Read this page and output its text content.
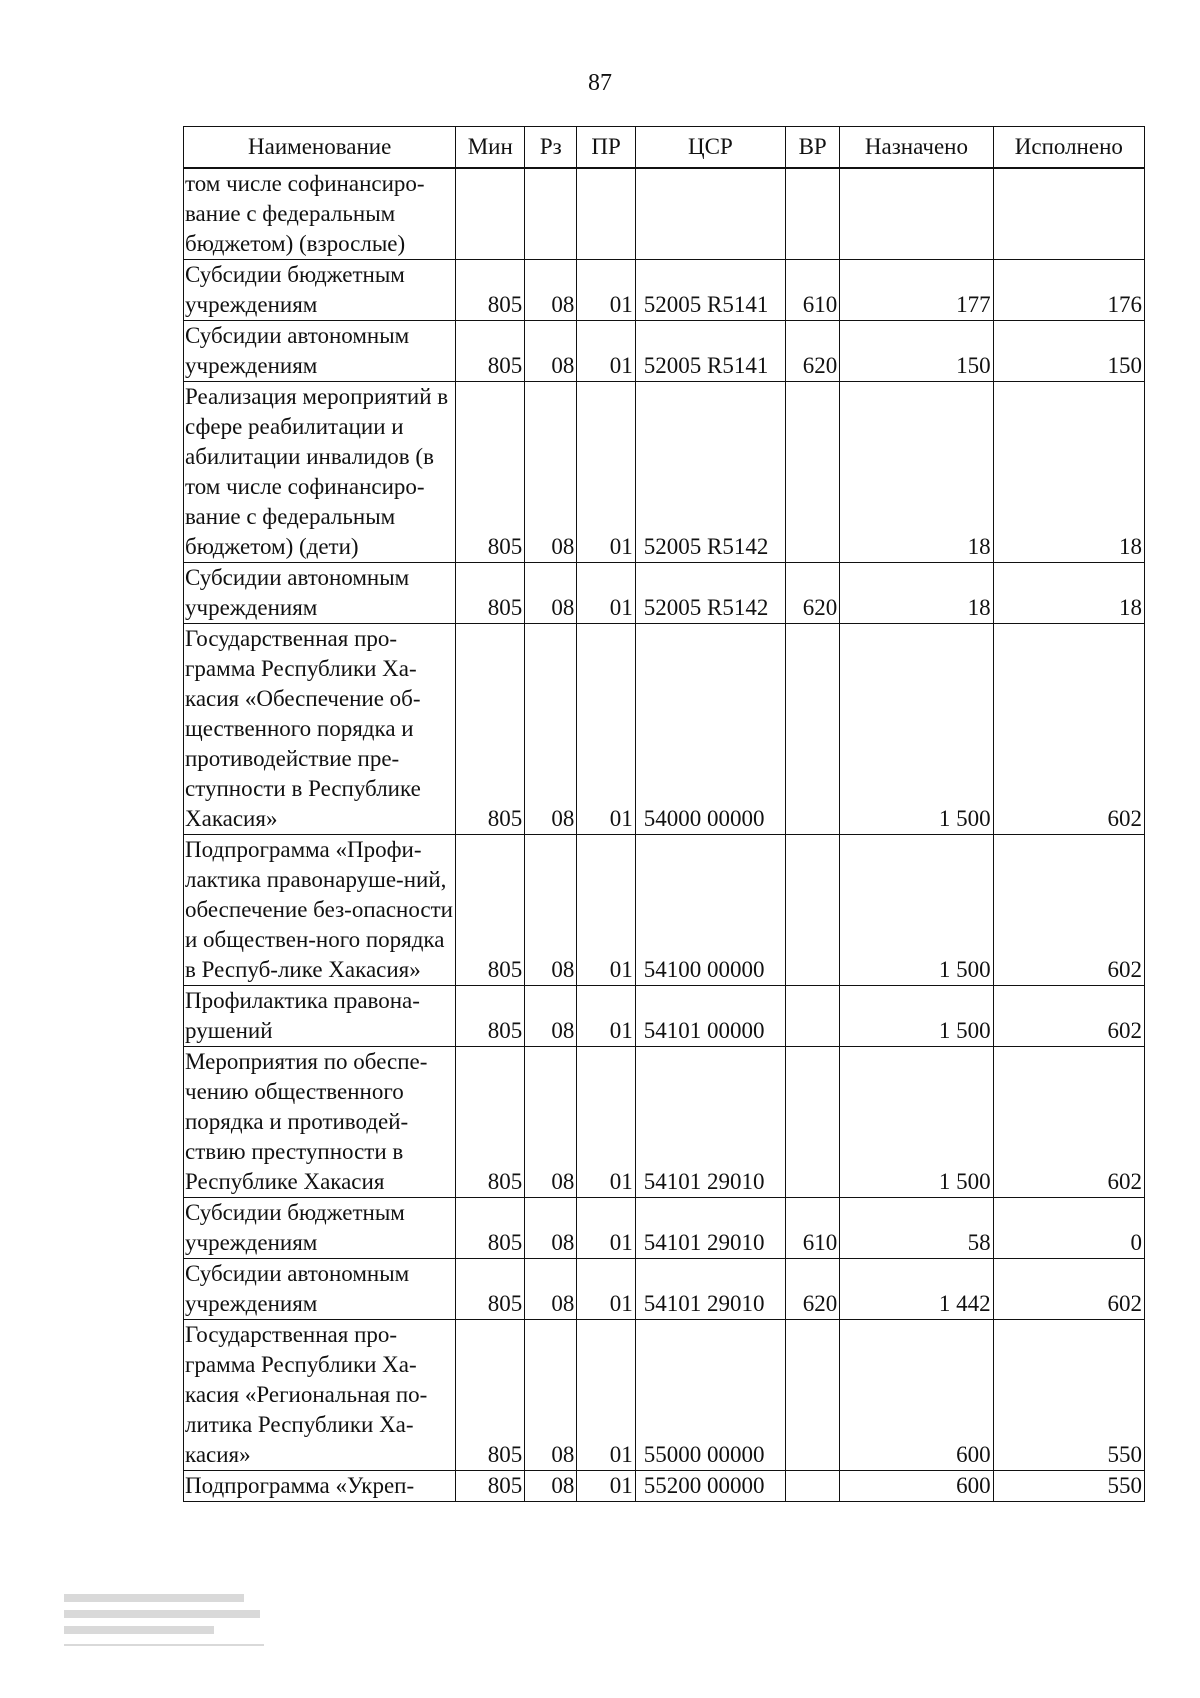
87
Наименование	Мин	Рз	ПР	ЦСР	ВР	Назначено	Исполнено
том числе софинансиро-вание с федеральным бюджетом) (взрослые)							
Субсидии бюджетным учреждениям	805	08	01	52005 R5141	610	177	176
Субсидии автономным учреждениям	805	08	01	52005 R5141	620	150	150
Реализация мероприятий в сфере реабилитации и абилитации инвалидов (в том числе софинансиро-вание с федеральным бюджетом) (дети)	805	08	01	52005 R5142		18	18
Субсидии автономным учреждениям	805	08	01	52005 R5142	620	18	18
Государственная про-грамма Республики Ха-касия «Обеспечение об-щественного порядка и противодействие пре-ступности в Республике Хакасия»	805	08	01	54000 00000		1 500	602
Подпрограмма «Профи-лактика правонаруше-ний, обеспечение без-опасности и обществен-ного порядка в Респуб-лике Хакасия»	805	08	01	54100 00000		1 500	602
Профилактика правона-рушений	805	08	01	54101 00000		1 500	602
Мероприятия по обеспе-чению общественного порядка и противодей-ствию преступности в Республике Хакасия	805	08	01	54101 29010		1 500	602
Субсидии бюджетным учреждениям	805	08	01	54101 29010	610	58	0
Субсидии автономным учреждениям	805	08	01	54101 29010	620	1 442	602
Государственная про-грамма Республики Ха-касия «Региональная по-литика Республики Ха-касия»	805	08	01	55000 00000		600	550
Подпрограмма «Укреп-	805	08	01	55200 00000		600	550
